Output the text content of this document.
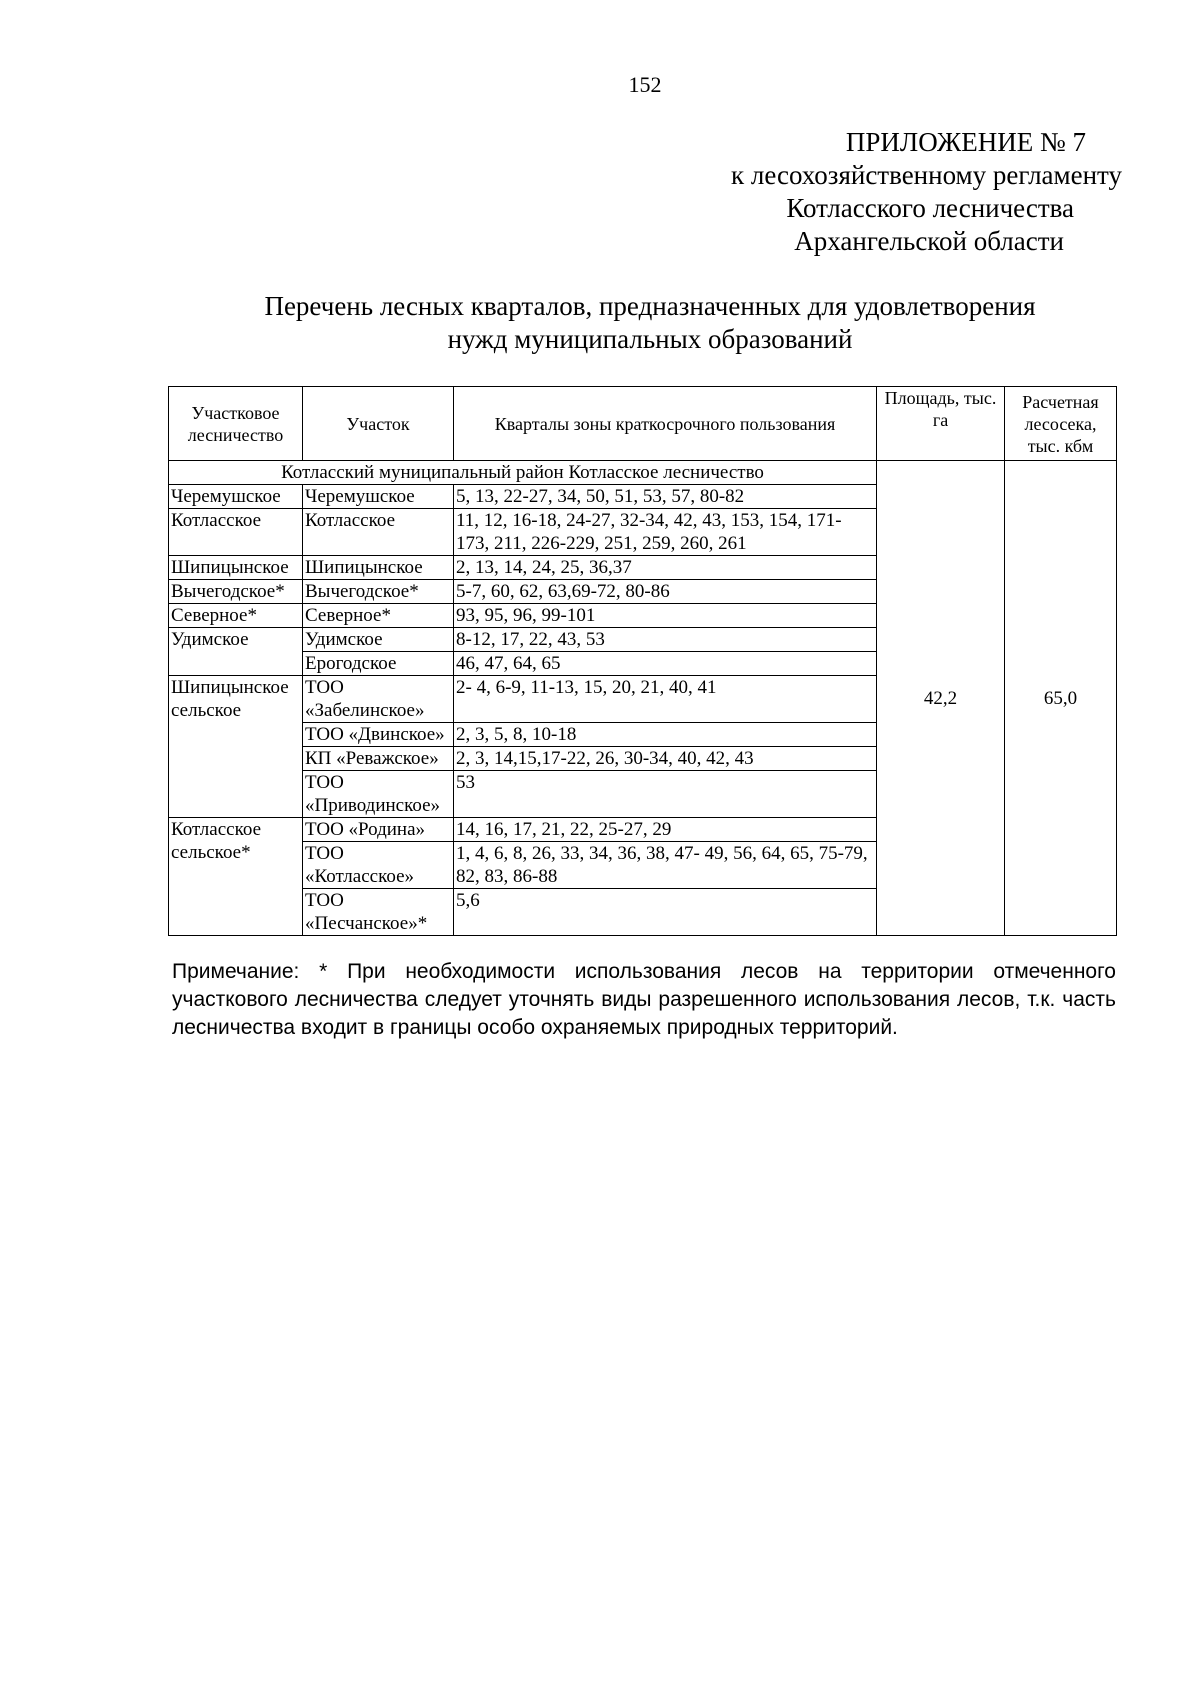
152
ПРИЛОЖЕНИЕ № 7
к лесохозяйственному регламенту
Котласского лесничества
Архангельской области
Перечень лесных кварталов, предназначенных для удовлетворения
нужд муниципальных образований
Участковое лесничество	Участок	Кварталы зоны краткосрочного пользования	Площадь, тыс. га	Расчетная лесосека, тыс. кбм
Котласский муниципальный район Котласское лесничество			42,2	65,0
Черемушское	Черемушское	5, 13, 22-27, 34, 50, 51, 53, 57, 80-82		
Котласское	Котласское	11, 12, 16-18, 24-27, 32-34, 42, 43, 153, 154, 171-173, 211, 226-229, 251, 259, 260, 261		
Шипицынское	Шипицынское	2, 13, 14, 24, 25, 36,37		
Вычегодское*	Вычегодское*	5-7, 60, 62, 63,69-72, 80-86		
Северное*	Северное*	93, 95, 96, 99-101		
Удимское	Удимское	8-12, 17, 22, 43, 53		
	Ерогодское	46, 47, 64, 65		
Шипицынское сельское	ТОО «Забелинское»	2- 4, 6-9, 11-13, 15, 20, 21, 40, 41		
	ТОО «Двинское»	2, 3, 5, 8, 10-18		
	КП «Реважское»	2, 3, 14,15,17-22, 26, 30-34, 40, 42, 43		
	ТОО «Приводинское»	53		
Котласское сельское*	ТОО «Родина»	14, 16, 17, 21, 22, 25-27, 29		
	ТОО «Котласское»	1, 4, 6, 8, 26, 33, 34, 36, 38, 47- 49, 56, 64, 65, 75-79, 82, 83, 86-88		
	ТОО «Песчанское»*	5,6		
Примечание: * При необходимости использования лесов на территории отмеченного участкового лесничества следует уточнять виды разрешенного использования лесов, т.к. часть лесничества входит в границы особо охраняемых природных территорий.
